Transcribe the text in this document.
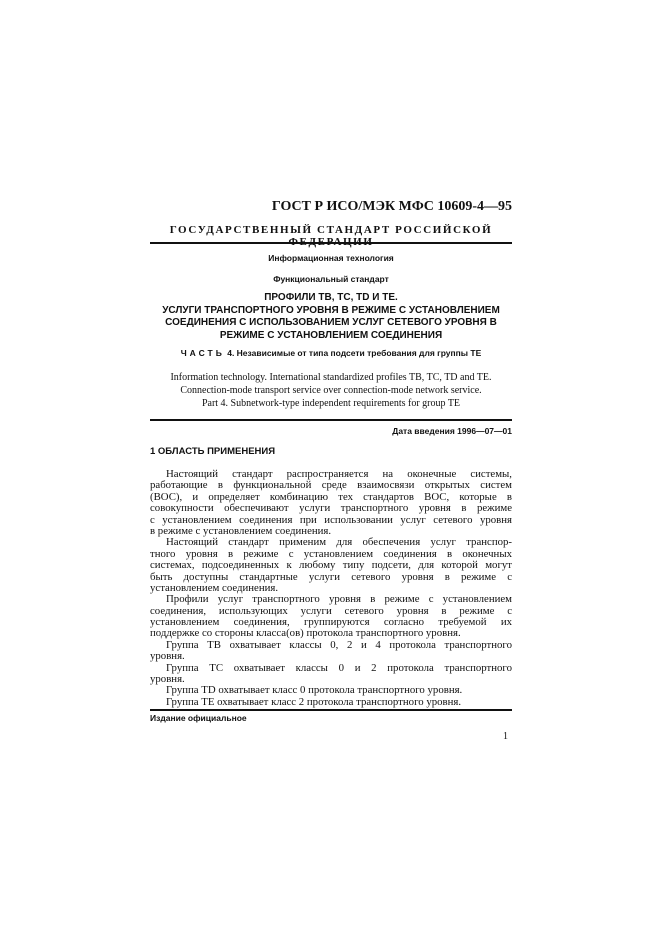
ГОСТ Р ИСО/МЭК МФС 10609-4—95
ГОСУДАРСТВЕННЫЙ СТАНДАРТ РОССИЙСКОЙ
Информационная технология
Функциональный стандарт
ПРОФИЛИ ТВ, ТС, TD И ТЕ.
УСЛУГИ ТРАНСПОРТНОГО УРОВНЯ В РЕЖИМЕ С УСТАНОВЛЕНИЕМ
СОЕДИНЕНИЯ С ИСПОЛЬЗОВАНИЕМ УСЛУГ СЕТЕВОГО УРОВНЯ В
РЕЖИМЕ С УСТАНОВЛЕНИЕМ СОЕДИНЕНИЯ
ЧАСТЬ 4. Независимые от типа подсети требования для группы ТЕ
Information technology. International standardized profiles TB, TC, TD and TE.
Connection-mode transport service over connection-mode network service.
Part 4. Subnetwork-type independent requirements for group TE
Дата введения 1996—07—01
1 ОБЛАСТЬ ПРИМЕНЕНИЯ
Настоящий стандарт распространяется на оконечные системы,
работающие в функциональной среде взаимосвязи открытых систем
(ВОС), и определяет комбинацию тех стандартов ВОС, которые в
совокупности обеспечивают услуги транспортного уровня в режиме
с установлением соединения при использовании услуг сетевого уровня
в режиме с установлением соединения.
Настоящий стандарт применим для обеспечения услуг транспор-
тного уровня в режиме с установлением соединения в оконечных
системах, подсоединенных к любому типу подсети, для которой могут
быть доступны стандартные услуги сетевого уровня в режиме с
установлением соединения.
Профили услуг транспортного уровня в режиме с установлением
соединения, использующих услуги сетевого уровня в режиме с
установлением соединения, группируются согласно требуемой их
поддержке со стороны класса(ов) протокола транспортного уровня.
Группа ТВ охватывает классы 0, 2 и 4 протокола транспортного
уровня.
Группа ТС охватывает классы 0 и 2 протокола транспортного
уровня.
Группа TD охватывает класс 0 протокола транспортного уровня.
Группа ТЕ охватывает класс 2 протокола транспортного уровня.
Издание официальное
1
